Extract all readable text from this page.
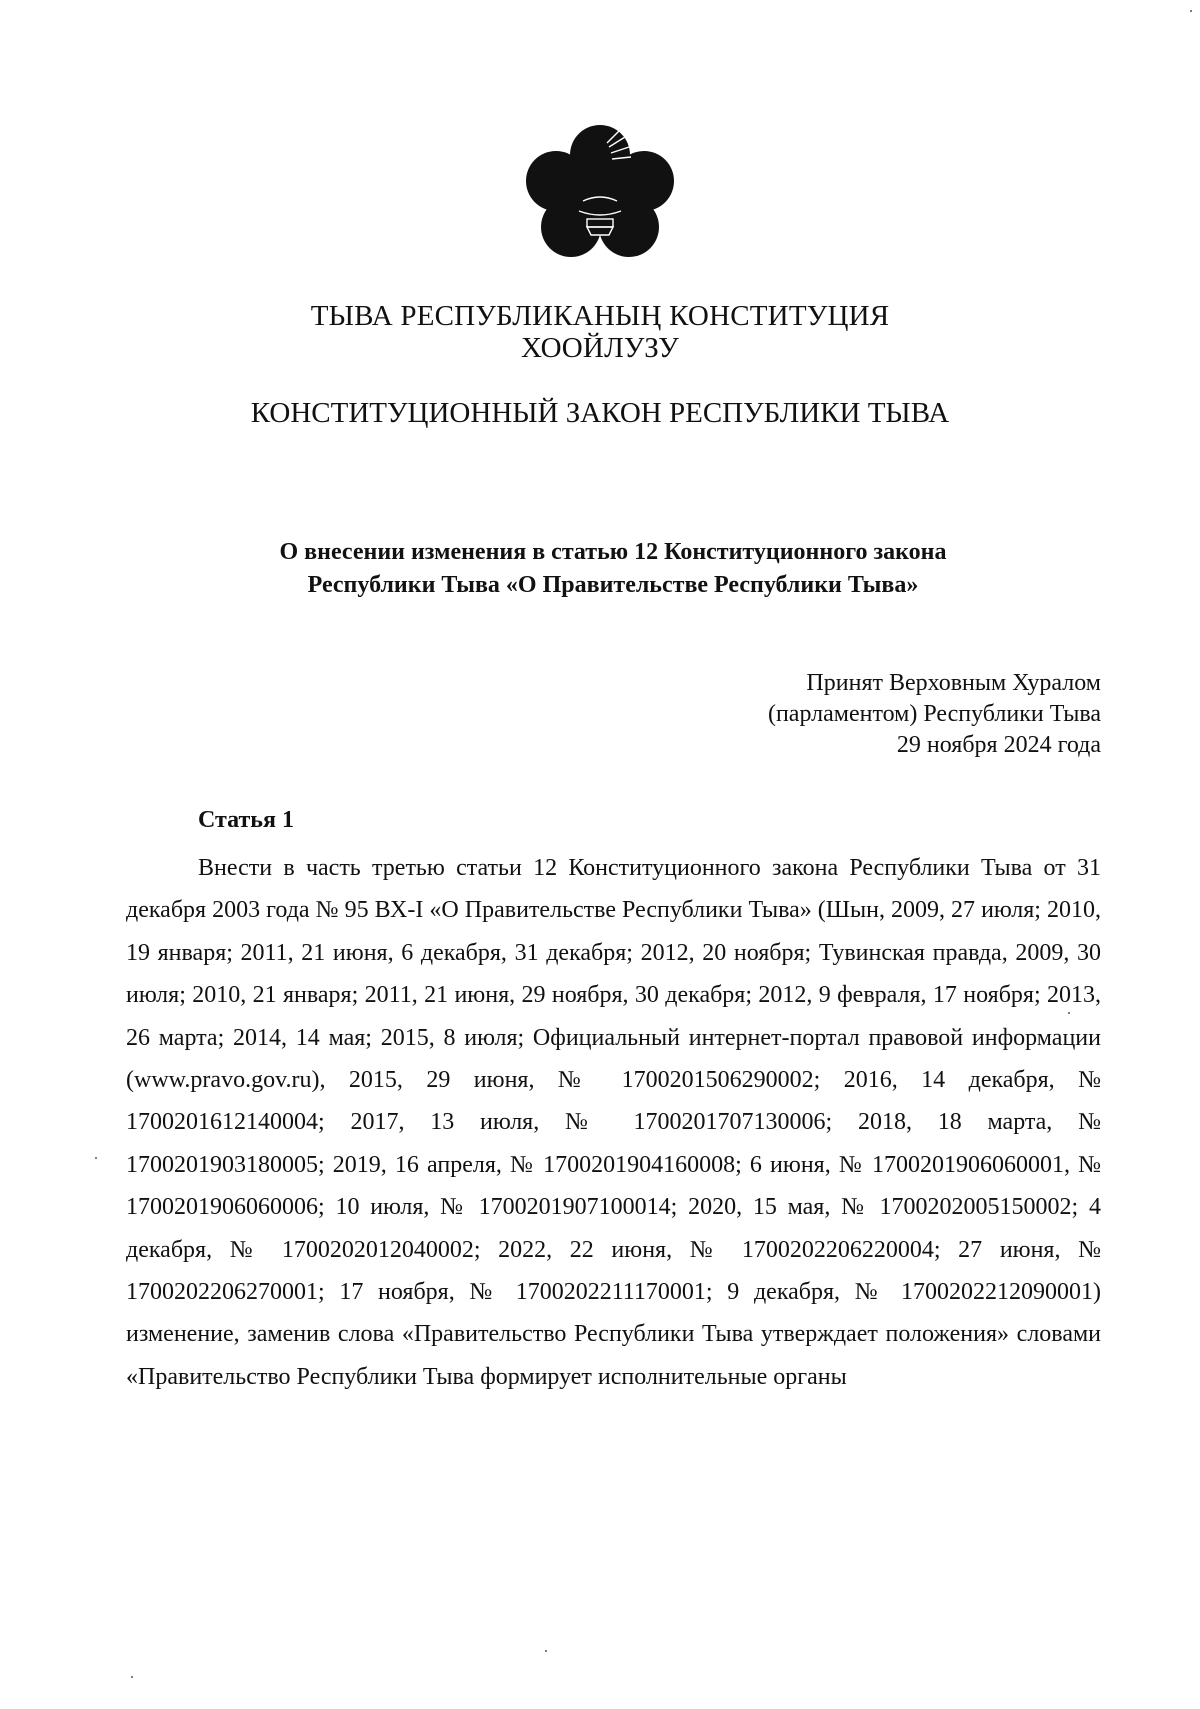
ТЫВА РЕСПУБЛИКАНЫҢ КОНСТИТУЦИЯ
ХООЙЛУЗУ
КОНСТИТУЦИОННЫЙ ЗАКОН РЕСПУБЛИКИ ТЫВА
О внесении изменения в статью 12 Конституционного закона
Республики Тыва «О Правительстве Республики Тыва»
Принят Верховным Хуралом
(парламентом) Республики Тыва
29 ноября 2024 года
Статья 1

Внести в часть третью статьи 12 Конституционного закона Республики Тыва от 31 декабря 2003 года № 95 ВХ-I «О Правительстве Республики Тыва» (Шын, 2009, 27 июля; 2010, 19 января; 2011, 21 июня, 6 декабря, 31 декабря; 2012, 20 ноября; Тувинская правда, 2009, 30 июля; 2010, 21 января; 2011, 21 июня, 29 ноября, 30 декабря; 2012, 9 февраля, 17 ноября; 2013, 26 марта; 2014, 14 мая; 2015, 8 июля; Официальный интернет-портал правовой информации (www.pravo.gov.ru), 2015, 29 июня, № 1700201506290002; 2016, 14 декабря, № 1700201612140004; 2017, 13 июля, № 1700201707130006; 2018, 18 марта, № 1700201903180005; 2019, 16 апреля, № 1700201904160008; 6 июня, № 1700201906060001, № 1700201906060006; 10 июля, № 1700201907100014; 2020, 15 мая, № 1700202005150002; 4 декабря, № 1700202012040002; 2022, 22 июня, № 1700202206220004; 27 июня, № 1700202206270001; 17 ноября, № 1700202211170001; 9 декабря, № 1700202212090001) изменение, заменив слова «Правительство Республики Тыва утверждает положения» словами «Правительство Республики Тыва формирует исполнительные органы
